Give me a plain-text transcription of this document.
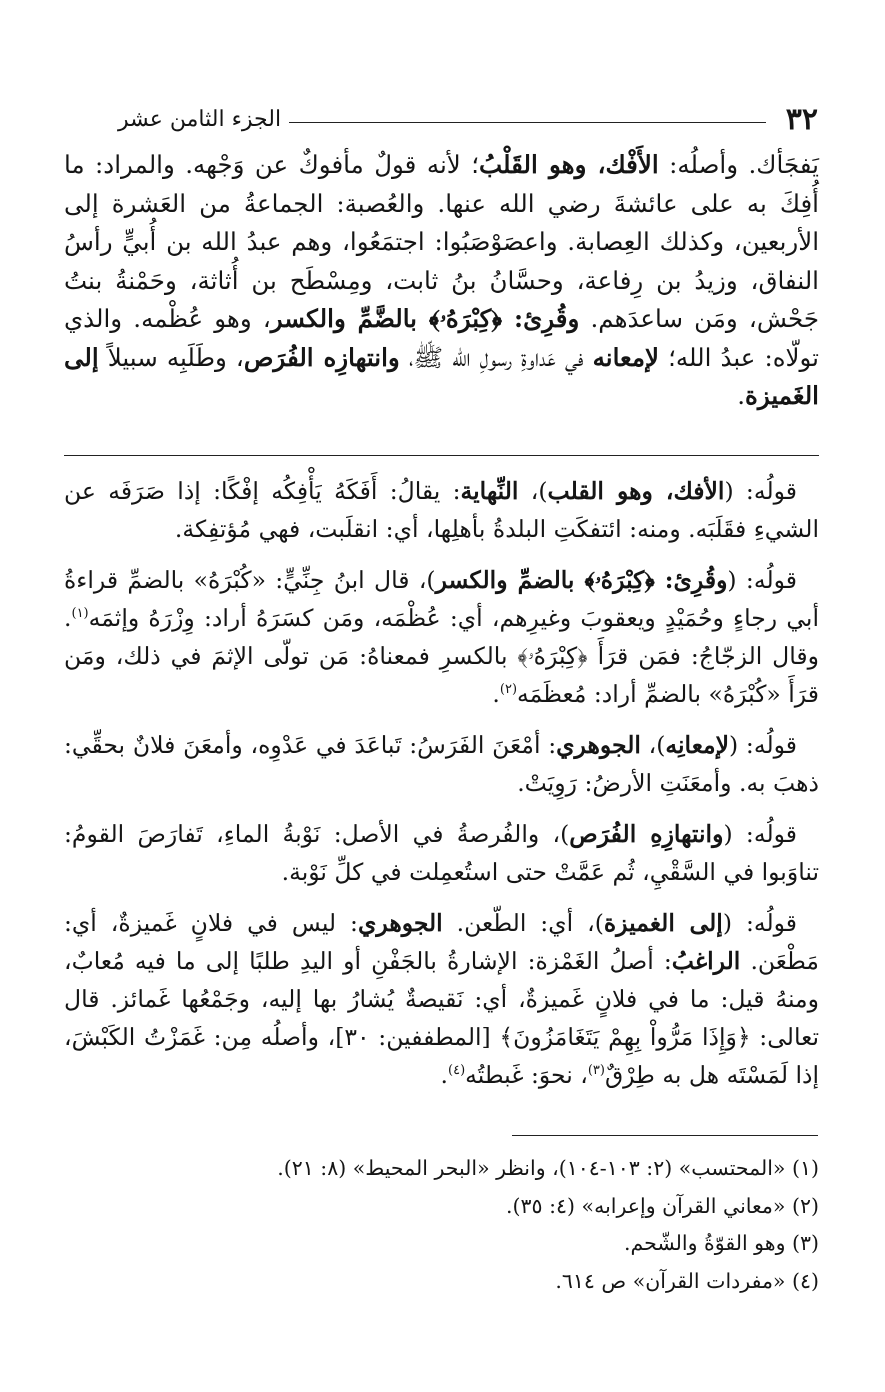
٣٢
الجزء الثامن عشر

يَفجَأك. وأصلُه: الأَفْك، وهو القَلْبُ؛ لأنه قولٌ مأفوكٌ عن وَجْهه. والمراد: ما أُفِكَ به على عائشةَ رضي الله عنها. والعُصبة: الجماعةُ من العَشرة إلى الأربعين، وكذلك العِصابة. واعصَوْصَبُوا: اجتمَعُوا، وهم عبدُ الله بن أُبيٍّ رأسُ النفاق، وزيدُ بن رِفاعة، وحسَّانُ بنُ ثابت، ومِسْطَح بن أُثاثة، وحَمْنةُ بنتُ جَحْش، ومَن ساعدَهم. وقُرِئ: ﴿كِبْرَهُۥ﴾ بالضَّمِّ والكسر، وهو عُظْمه. والذي تولّاه: عبدُ الله؛ لإمعانه في عَداوةِ رسولِ الله ﷺ، وانتهازِه الفُرَص، وطَلَبِه سبيلاً إلى الغَميزة.

قولُه: (الأفك، وهو القلب)، النِّهاية: يقالُ: أَفَكَهُ يَأْفِكُه إفْكًا: إذا صَرَفَه عن الشيءِ فقَلَبَه. ومنه: ائتفكَتِ البلدةُ بأهلِها، أي: انقلَبت، فهي مُؤتفِكة.

قولُه: (وقُرِئ: ﴿كِبْرَهُۥ﴾ بالضمِّ والكسر)، قال ابنُ جِنِّيٍّ: «كُبْرَهُ» بالضمِّ قراءةُ أبي رجاءٍ وحُمَيْدٍ ويعقوبَ وغيرِهم، أي: عُظْمَه، ومَن كسَرَهُ أراد: وِزْرَهُ وإثمَه$^{(١)}$. وقال الزجّاجُ: فمَن قرَأَ ﴿كِبْرَهُۥ﴾ بالكسرِ فمعناهُ: مَن تولّى الإثمَ في ذلك، ومَن قرَأَ «كُبْرَهُ» بالضمِّ أراد: مُعظَمَه$^{(٢)}$.

قولُه: (لإمعانِه)، الجوهري: أمْعَنَ الفَرَسُ: تَباعَدَ في عَدْوِه، وأمعَنَ فلانٌ بحقِّي: ذهبَ به. وأمعَنَتِ الأرضُ: رَوِيَتْ.

قولُه: (وانتهازِهِ الفُرَص)، والفُرصةُ في الأصل: نَوْبةُ الماءِ، تَفارَصَ القومُ: تناوَبوا في السَّقْيِ، ثُم عَمَّتْ حتى استُعمِلت في كلِّ نَوْبة.

قولُه: (إلى الغميزة)، أي: الطّعن. الجوهري: ليس في فلانٍ غَميزةٌ، أي: مَطْعَن. الراغبُ: أصلُ الغَمْزة: الإشارةُ بالجَفْنِ أو اليدِ طلبًا إلى ما فيه مُعابٌ، ومنهُ قيل: ما في فلانٍ غَميزةٌ، أي: نَقيصةٌ يُشارُ بها إليه، وجَمْعُها غَمائز. قال تعالى: ﴿وَإِذَا مَرُّواْ بِهِمْ يَتَغَامَزُونَ﴾ [المطففين: ٣٠]، وأصلُه مِن: غَمَزْتُ الكَبْشَ، إذا لَمَسْتَه هل به طِرْقٌ$^{(٣)}$، نحوَ: غَبطتُه$^{(٤)}$.

(١) «المحتسب» (٢: ١٠٣-١٠٤)، وانظر «البحر المحيط» (٨: ٢١).

(٢) «معاني القرآن وإعرابه» (٤: ٣٥).

(٣) وهو القوّةُ والشّحم.

(٤) «مفردات القرآن» ص ٦١٤.
